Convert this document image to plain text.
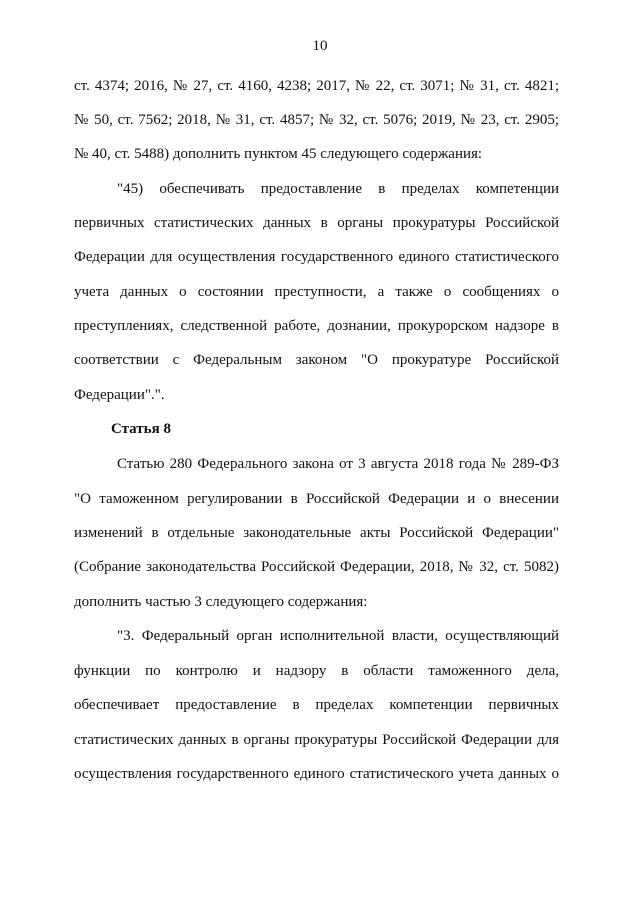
10
ст. 4374; 2016, № 27, ст. 4160, 4238; 2017, № 22, ст. 3071; № 31, ст. 4821;
№ 50, ст. 7562; 2018, № 31, ст. 4857; № 32, ст. 5076; 2019, № 23, ст. 2905;
№ 40, ст. 5488) дополнить пунктом 45 следующего содержания:
"45) обеспечивать предоставление в пределах компетенции
первичных статистических данных в органы прокуратуры Российской
Федерации для осуществления государственного единого статистического
учета данных о состоянии преступности, а также о сообщениях о
преступлениях, следственной работе, дознании, прокурорском надзоре в
соответствии с Федеральным законом "О прокуратуре Российской
Федерации".".
Статья 8
Статью 280 Федерального закона от 3 августа 2018 года № 289-ФЗ
"О таможенном регулировании в Российской Федерации и о внесении
изменений в отдельные законодательные акты Российской Федерации"
(Собрание законодательства Российской Федерации, 2018, № 32, ст. 5082)
дополнить частью 3 следующего содержания:
"3. Федеральный орган исполнительной власти, осуществляющий
функции по контролю и надзору в области таможенного дела,
обеспечивает предоставление в пределах компетенции первичных
статистических данных в органы прокуратуры Российской Федерации для
осуществления государственного единого статистического учета данных о
